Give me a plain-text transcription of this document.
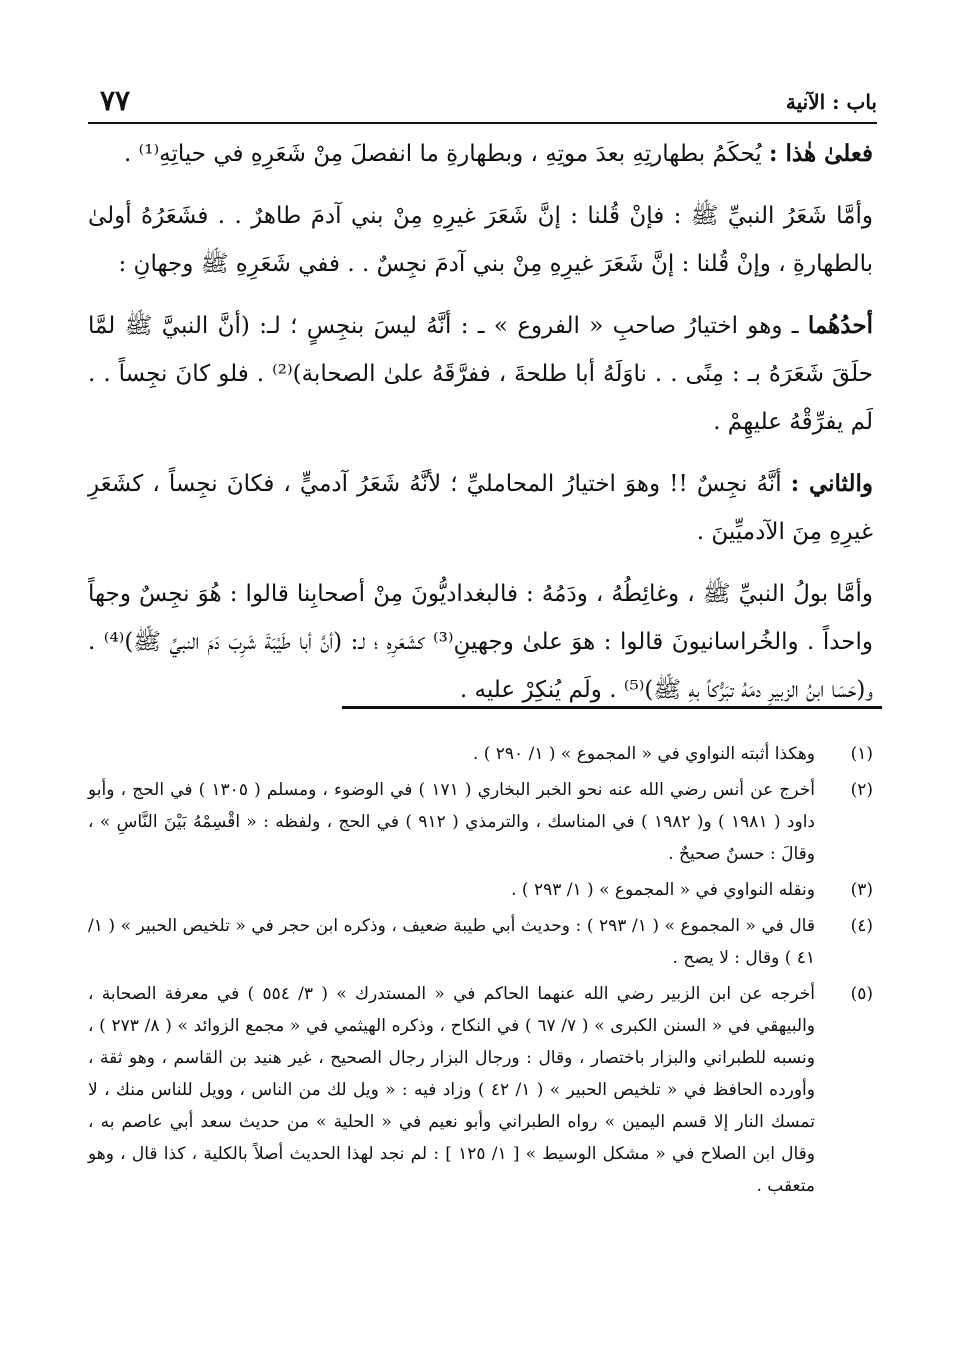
باب : الآنية
٧٧

فعلىٰ هٰذا : يُحكَمُ بطهارتِهِ بعدَ موتِهِ ، وبطهارةِ ما انفصلَ مِنْ شَعَرِهِ في حياتِهِ⁽¹⁾ .

وأمَّا شَعَرُ النبيِّ ﷺ : فإنْ قُلنا : إنَّ شَعَرَ غيرِهِ مِنْ بني آدمَ طاهرٌ . . فشَعَرُهُ أولىٰ بالطهارةِ ، وإنْ قُلنا : إنَّ شَعَرَ غيرِهِ مِنْ بني آدمَ نجِسٌ . . ففي شَعَرِهِ ﷺ وجهانِ :

أحدُهُما ـ وهو اختيارُ صاحبِ « الفروع » ـ : أنَّهُ ليسَ بنجِسٍ ؛ لـ: (أنَّ النبيَّ ﷺ لمَّا حلَقَ شَعَرَهُ بـ : مِنًى . . ناوَلَهُ أبا طلحةَ ، ففرَّقَهُ علىٰ الصحابة)⁽²⁾ . فلو كانَ نجِساً . . لَم يفرِّقْهُ عليهِمْ .

والثاني : أنَّهُ نجِسٌ !! وهوَ اختيارُ المحامليِّ ؛ لأنَّهُ شَعَرُ آدميٍّ ، فكانَ نجِساً ، كشَعَرِ غيرِهِ مِنَ الآدميِّينَ .

وأمَّا بولُ النبيِّ ﷺ ، وغائِطُهُ ، ودَمُهُ : فالبغداديُّونَ مِنْ أصحابِنا قالوا : هُوَ نجِسٌ وجهاً واحداً . والخُراسانيونَ قالوا : هوَ علىٰ وجهينِ⁽³⁾ كشَعَرِهِ ؛ لـ: (أنَّ أبا طَيْبَةَ شَرِبَ دَمَ النبيِّ ﷺ)⁽⁴⁾ . و(حَسَا ابنُ الزبيرِ دمَهُ تبَرُّكاً بهِ ﷺ)⁽⁵⁾ . ولَم يُنكِرْ عليه .

(١)
وهكذا أثبته النواوي في « المجموع » ( ١/ ٢٩٠ ) .
(٢)
أخرج عن أنس رضي الله عنه نحو الخبر البخاري ( ١٧١ ) في الوضوء ، ومسلم ( ١٣٠٥ ) في الحج ، وأبو داود ( ١٩٨١ ) و( ١٩٨٢ ) في المناسك ، والترمذي ( ٩١٢ ) في الحج ، ولفظه : « اقْسِمْهُ بَيْنَ النَّاسِ » ، وقالَ : حسنٌ صحيحٌ .
(٣)
ونقله النواوي في « المجموع » ( ١/ ٢٩٣ ) .
(٤)
قال في « المجموع » ( ١/ ٢٩٣ ) : وحديث أبي طيبة ضعيف ، وذكره ابن حجر في « تلخيص الحبير » ( ١/ ٤١ ) وقال : لا يصح .
(٥)
أخرجه عن ابن الزبير رضي الله عنهما الحاكم في « المستدرك » ( ٣/ ٥٥٤ ) في معرفة الصحابة ، والبيهقي في « السنن الكبرى » ( ٧/ ٦٧ ) في النكاح ، وذكره الهيثمي في « مجمع الزوائد » ( ٨/ ٢٧٣ ) ، ونسبه للطبراني والبزار باختصار ، وقال : ورجال البزار رجال الصحيح ، غير هنيد بن القاسم ، وهو ثقة ، وأورده الحافظ في « تلخيص الحبير » ( ١/ ٤٢ ) وزاد فيه : « ويل لك من الناس ، وويل للناس منك ، لا تمسك النار إلا قسم اليمين » رواه الطبراني وأبو نعيم في « الحلية » من حديث سعد أبي عاصم به ، وقال ابن الصلاح في « مشكل الوسيط » [ ١/ ١٢٥ ] : لم نجد لهذا الحديث أصلاً بالكلية ، كذا قال ، وهو متعقب .
